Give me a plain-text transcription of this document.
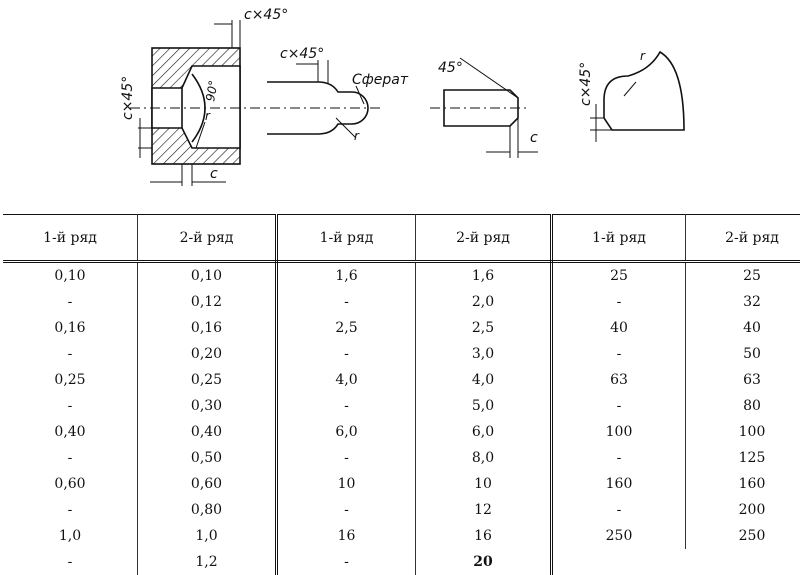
c×45°
c×45°	90°
r
c
c×45°
Сферат
r
45°
c
c×45°
r
1-й ряд	2-й ряд	1-й ряд	2-й ряд	1-й ряд	2-й ряд
0,10	0,10	1,6	1,6	25	25
-	0,12	-	2,0	-	32
0,16	0,16	2,5	2,5	40	40
-	0,20	-	3,0	-	50
0,25	0,25	4,0	4,0	63	63
-	0,30	-	5,0	-	80
0,40	0,40	6,0	6,0	100	100
-	0,50	-	8,0	-	125
0,60	0,60	10	10	160	160
-	0,80	-	12	-	200
1,0	1,0	16	16	250	250
-	1,2	-	20		
